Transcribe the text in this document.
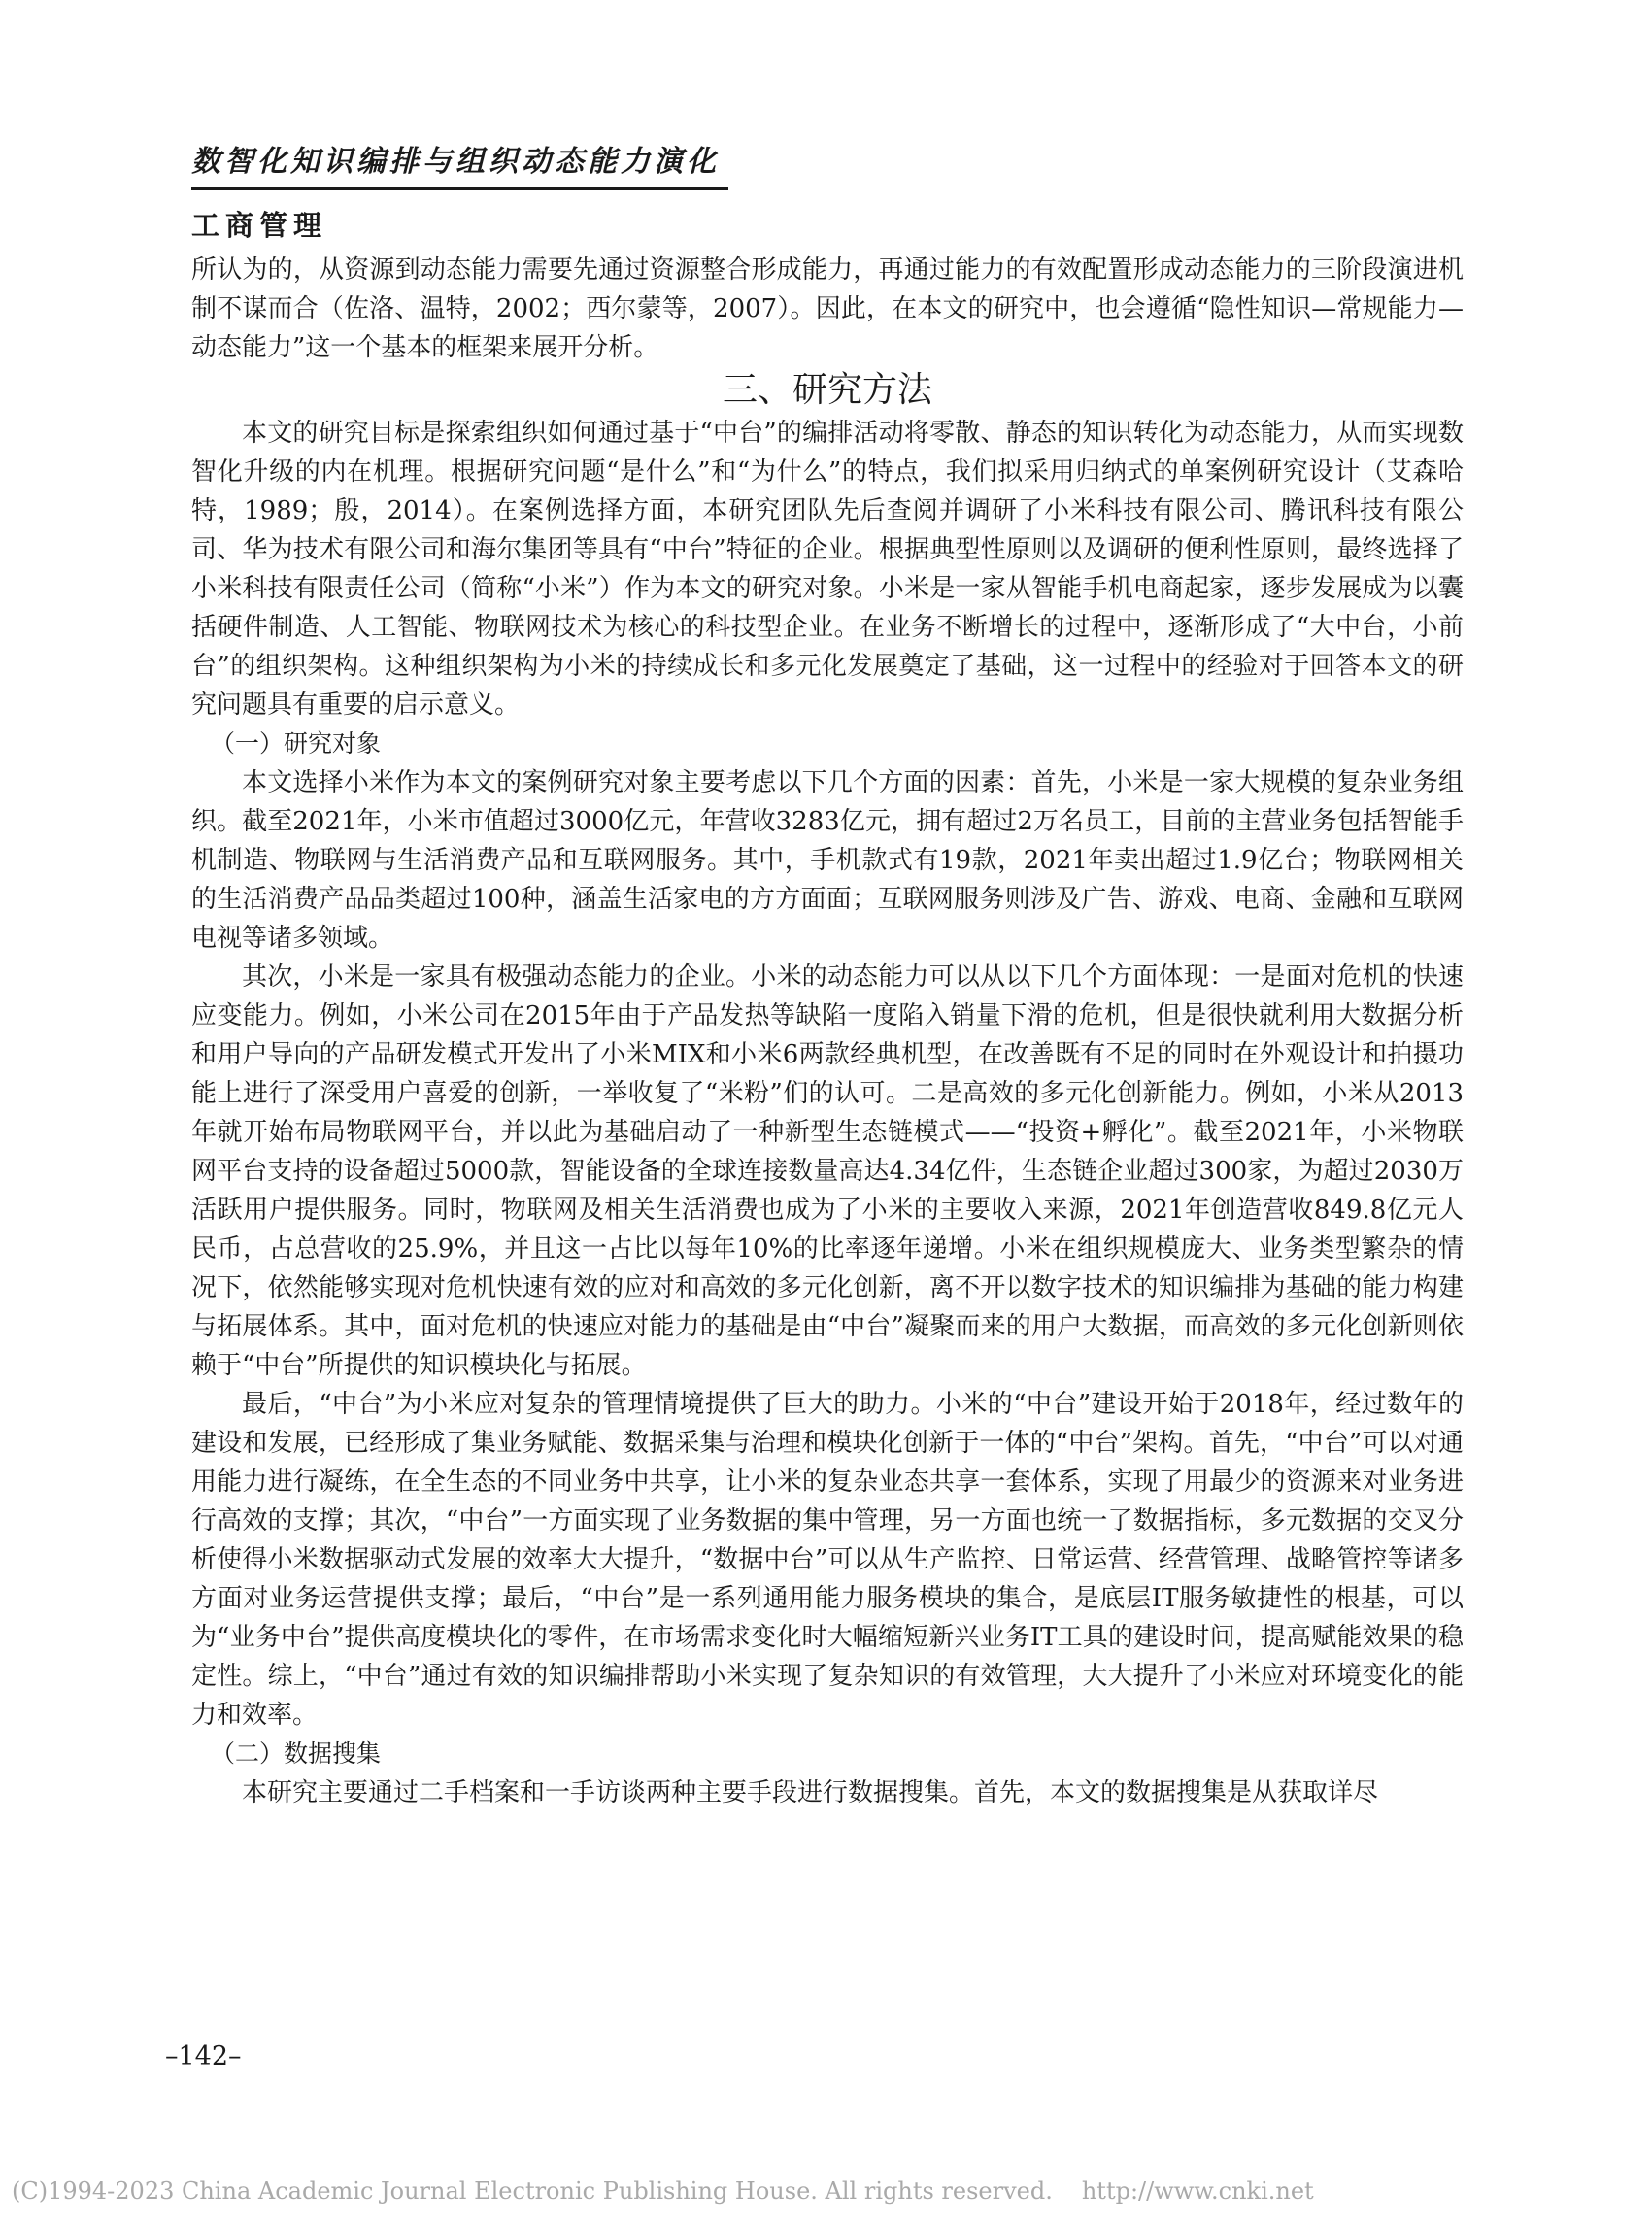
数智化知识编排与组织动态能力演化
工商管理

所认为的，从资源到动态能力需要先通过资源整合形成能力，再通过能力的有效配置形成动态能力的三阶段演进机制不谋而合（佐洛、温特，2002；西尔蒙等，2007）。因此，在本文的研究中，也会遵循“隐性知识—常规能力—动态能力”这一个基本的框架来展开分析。

三、研究方法

本文的研究目标是探索组织如何通过基于“中台”的编排活动将零散、静态的知识转化为动态能力，从而实现数智化升级的内在机理。根据研究问题“是什么”和“为什么”的特点，我们拟采用归纳式的单案例研究设计（艾森哈特，1989；殷，2014）。在案例选择方面，本研究团队先后查阅并调研了小米科技有限公司、腾讯科技有限公司、华为技术有限公司和海尔集团等具有“中台”特征的企业。根据典型性原则以及调研的便利性原则，最终选择了小米科技有限责任公司（简称“小米”）作为本文的研究对象。小米是一家从智能手机电商起家，逐步发展成为以囊括硬件制造、人工智能、物联网技术为核心的科技型企业。在业务不断增长的过程中，逐渐形成了“大中台，小前台”的组织架构。这种组织架构为小米的持续成长和多元化发展奠定了基础，这一过程中的经验对于回答本文的研究问题具有重要的启示意义。

（一）研究对象

本文选择小米作为本文的案例研究对象主要考虑以下几个方面的因素：首先，小米是一家大规模的复杂业务组织。截至2021年，小米市值超过3000亿元，年营收3283亿元，拥有超过2万名员工，目前的主营业务包括智能手机制造、物联网与生活消费产品和互联网服务。其中，手机款式有19款，2021年卖出超过1.9亿台；物联网相关的生活消费产品品类超过100种，涵盖生活家电的方方面面；互联网服务则涉及广告、游戏、电商、金融和互联网电视等诸多领域。

其次，小米是一家具有极强动态能力的企业。小米的动态能力可以从以下几个方面体现：一是面对危机的快速应变能力。例如，小米公司在2015年由于产品发热等缺陷一度陷入销量下滑的危机，但是很快就利用大数据分析和用户导向的产品研发模式开发出了小米MIX和小米6两款经典机型，在改善既有不足的同时在外观设计和拍摄功能上进行了深受用户喜爱的创新，一举收复了“米粉”们的认可。二是高效的多元化创新能力。例如，小米从2013年就开始布局物联网平台，并以此为基础启动了一种新型生态链模式——“投资+孵化”。截至2021年，小米物联网平台支持的设备超过5000款，智能设备的全球连接数量高达4.34亿件，生态链企业超过300家，为超过2030万活跃用户提供服务。同时，物联网及相关生活消费也成为了小米的主要收入来源，2021年创造营收849.8亿元人民币，占总营收的25.9%，并且这一占比以每年10%的比率逐年递增。小米在组织规模庞大、业务类型繁杂的情况下，依然能够实现对危机快速有效的应对和高效的多元化创新，离不开以数字技术的知识编排为基础的能力构建与拓展体系。其中，面对危机的快速应对能力的基础是由“中台”凝聚而来的用户大数据，而高效的多元化创新则依赖于“中台”所提供的知识模块化与拓展。

最后，“中台”为小米应对复杂的管理情境提供了巨大的助力。小米的“中台”建设开始于2018年，经过数年的建设和发展，已经形成了集业务赋能、数据采集与治理和模块化创新于一体的“中台”架构。首先，“中台”可以对通用能力进行凝练，在全生态的不同业务中共享，让小米的复杂业态共享一套体系，实现了用最少的资源来对业务进行高效的支撑；其次，“中台”一方面实现了业务数据的集中管理，另一方面也统一了数据指标，多元数据的交叉分析使得小米数据驱动式发展的效率大大提升，“数据中台”可以从生产监控、日常运营、经营管理、战略管控等诸多方面对业务运营提供支撑；最后，“中台”是一系列通用能力服务模块的集合，是底层IT服务敏捷性的根基，可以为“业务中台”提供高度模块化的零件，在市场需求变化时大幅缩短新兴业务IT工具的建设时间，提高赋能效果的稳定性。综上，“中台”通过有效的知识编排帮助小米实现了复杂知识的有效管理，大大提升了小米应对环境变化的能力和效率。

（二）数据搜集

本研究主要通过二手档案和一手访谈两种主要手段进行数据搜集。首先，本文的数据搜集是从获取详尽

–142–
(C)1994-2023 China Academic Journal Electronic Publishing House. All rights reserved. http://www.cnki.net
